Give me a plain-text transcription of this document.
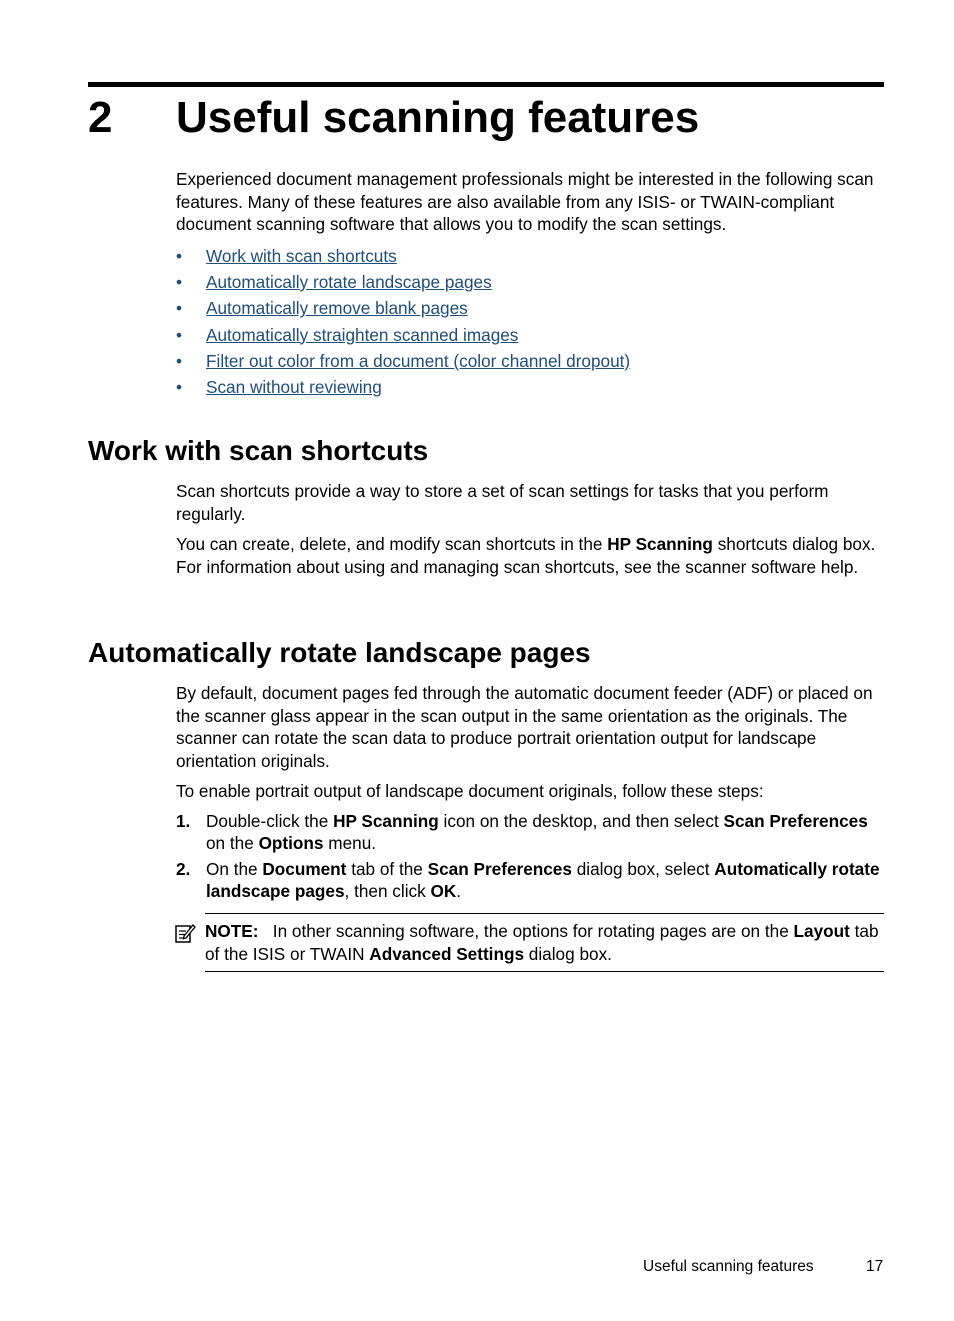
2 Useful scanning features

Experienced document management professionals might be interested in the following scan features. Many of these features are also available from any ISIS- or TWAIN-compliant document scanning software that allows you to modify the scan settings.

• Work with scan shortcuts
• Automatically rotate landscape pages
• Automatically remove blank pages
• Automatically straighten scanned images
• Filter out color from a document (color channel dropout)
• Scan without reviewing
Work with scan shortcuts

Scan shortcuts provide a way to store a set of scan settings for tasks that you perform regularly.

You can create, delete, and modify scan shortcuts in the HP Scanning shortcuts dialog box. For information about using and managing scan shortcuts, see the scanner software help.

Automatically rotate landscape pages

By default, document pages fed through the automatic document feeder (ADF) or placed on the scanner glass appear in the scan output in the same orientation as the originals. The scanner can rotate the scan data to produce portrait orientation output for landscape orientation originals.

To enable portrait output of landscape document originals, follow these steps:

1. Double-click the HP Scanning icon on the desktop, and then select Scan Preferences on the Options menu.
2. On the Document tab of the Scan Preferences dialog box, select Automatically rotate landscape pages, then click OK.
NOTE:   In other scanning software, the options for rotating pages are on the Layout tab of the ISIS or TWAIN Advanced Settings dialog box.
Useful scanning features	17
